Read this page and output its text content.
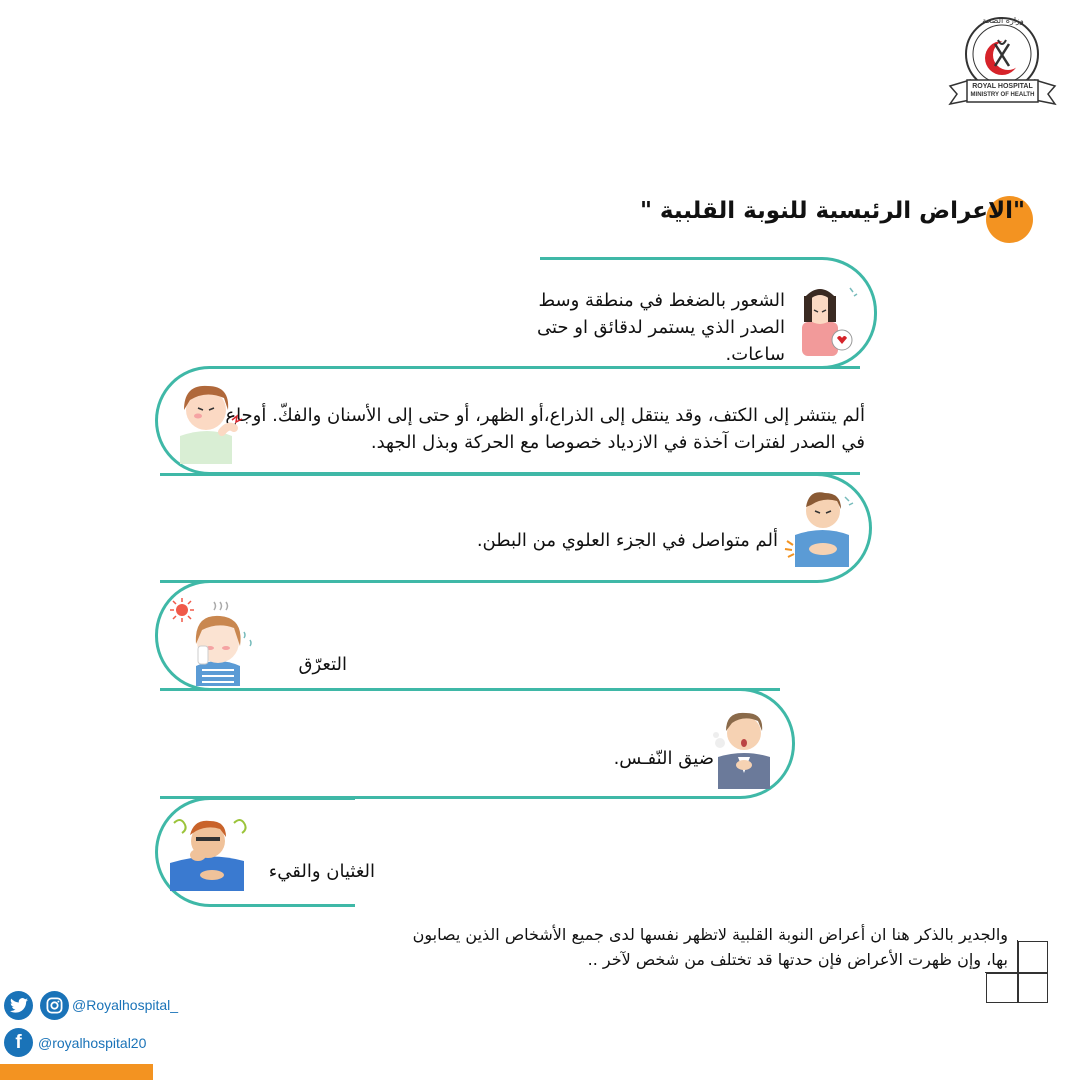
وزارة الصحة
ROYAL HOSPITAL
MINISTRY OF HEALTH
"الاعراض الرئيسية للنوبة القلبية "
الشعور بالضغط في منطقة وسط الصدر الذي يستمر لدقائق او حتى ساعات.
ألم ينتشر إلى الكتف، وقد ينتقل إلى الذراع،أو الظهر، أو حتى إلى الأسنان والفكّ. أوجاع في الصدر لفترات آخذة في الازدياد خصوصا مع الحركة وبذل الجهد.
ألم متواصل في الجزء العلوي من البطن.
التعرّق
ضيق النّفـس.
الغثيان والقيء
والجدير بالذكر هنا ان أعراض النوبة القلبية لاتظهر نفسها لدى جميع الأشخاص الذين يصابون بها، وإن ظهرت الأعراض فإن حدتها قد تختلف من شخص لآخر ..
@Royalhospital_
f	@royalhospital20
